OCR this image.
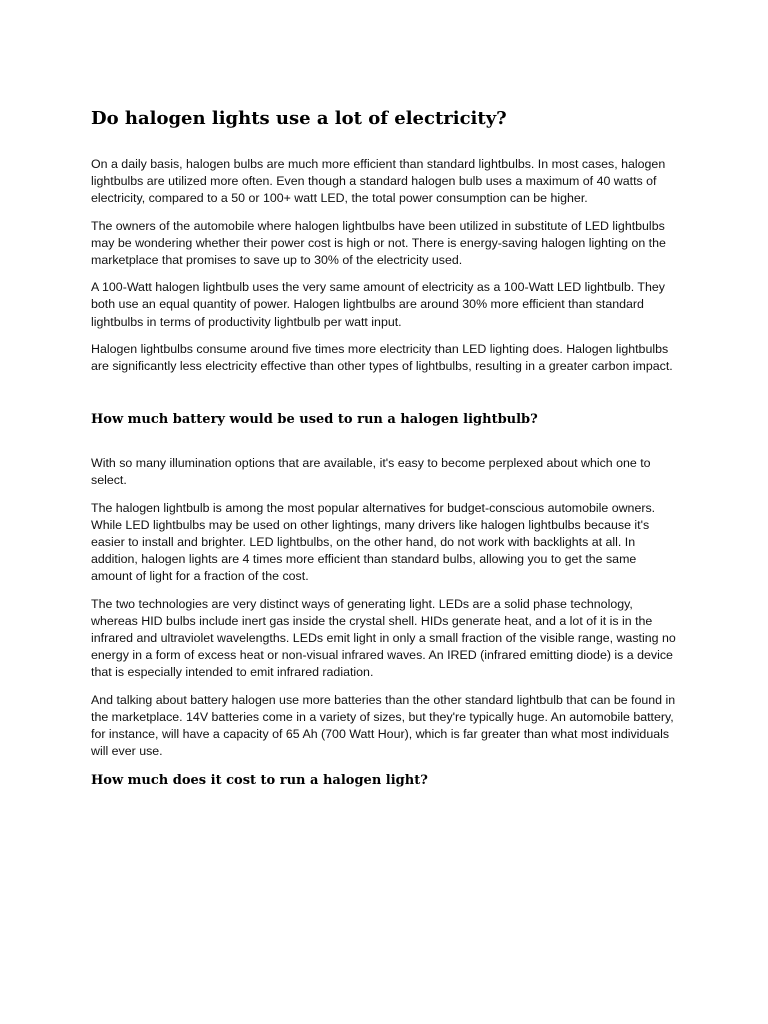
Do halogen lights use a lot of electricity?

On a daily basis, halogen bulbs are much more efficient than standard lightbulbs. In most cases, halogen lightbulbs are utilized more often. Even though a standard halogen bulb uses a maximum of 40 watts of electricity, compared to a 50 or 100+ watt LED, the total power consumption can be higher.

The owners of the automobile where halogen lightbulbs have been utilized in substitute of LED lightbulbs may be wondering whether their power cost is high or not. There is energy-saving halogen lighting on the marketplace that promises to save up to 30% of the electricity used.

A 100-Watt halogen lightbulb uses the very same amount of electricity as a 100-Watt LED lightbulb. They both use an equal quantity of power. Halogen lightbulbs are around 30% more efficient than standard lightbulbs in terms of productivity lightbulb per watt input.

Halogen lightbulbs consume around five times more electricity than LED lighting does. Halogen lightbulbs are significantly less electricity effective than other types of lightbulbs, resulting in a greater carbon impact.

How much battery would be used to run a halogen lightbulb?

With so many illumination options that are available, it's easy to become perplexed about which one to select.

The halogen lightbulb is among the most popular alternatives for budget-conscious automobile owners. While LED lightbulbs may be used on other lightings, many drivers like halogen lightbulbs because it's easier to install and brighter. LED lightbulbs, on the other hand, do not work with backlights at all. In addition, halogen lights are 4 times more efficient than standard bulbs, allowing you to get the same amount of light for a fraction of the cost.

The two technologies are very distinct ways of generating light. LEDs are a solid phase technology, whereas HID bulbs include inert gas inside the crystal shell. HIDs generate heat, and a lot of it is in the infrared and ultraviolet wavelengths. LEDs emit light in only a small fraction of the visible range, wasting no energy in a form of excess heat or non-visual infrared waves. An IRED (infrared emitting diode) is a device that is especially intended to emit infrared radiation.

And talking about battery halogen use more batteries than the other standard lightbulb that can be found in the marketplace. 14V batteries come in a variety of sizes, but they're typically huge. An automobile battery, for instance, will have a capacity of 65 Ah (700 Watt Hour), which is far greater than what most individuals will ever use.

How much does it cost to run a halogen light?
